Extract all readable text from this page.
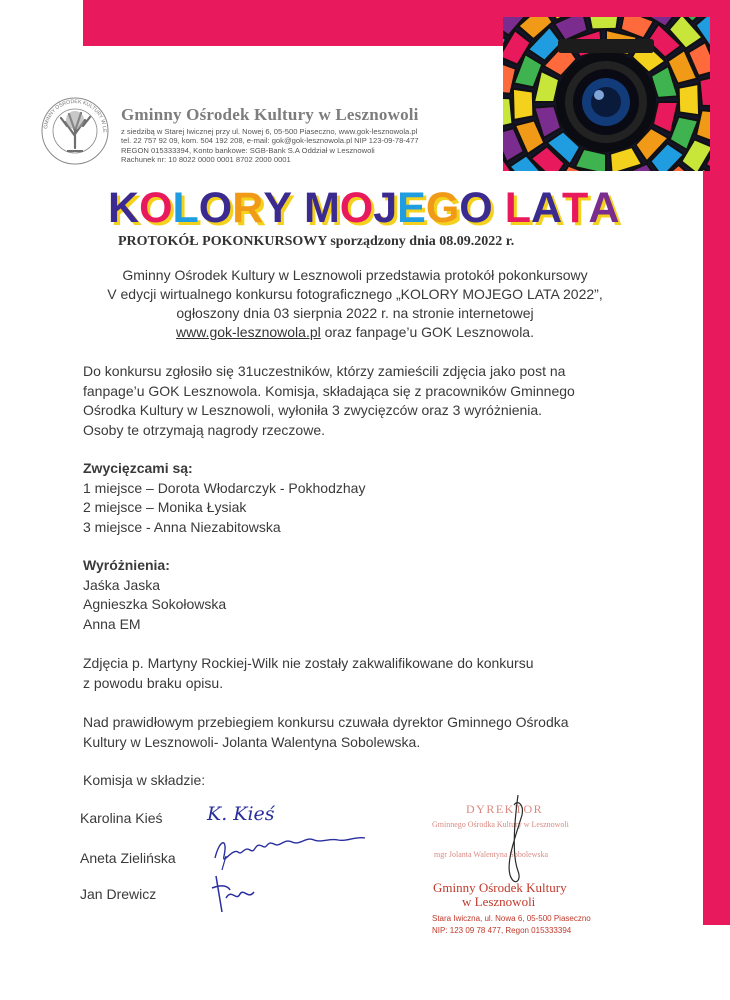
GMINNY OŚRODEK KULTURY W LE
Gminny Ośrodek Kultury w Lesznowoli
z siedzibą w Starej Iwicznej przy ul. Nowej 6, 05-500 Piaseczno, www.gok-lesznowola.pl
tel. 22 757 92 09, kom. 504 192 208, e-mail: gok@gok-lesznowola.pl NIP 123-09-78-477
REGON 015333394, Konto bankowe: SGB-Bank S.A Oddział w Lesznowoli
Rachunek nr: 10 8022 0000 0001 8702 2000 0001
KOLORY MOJEGO LATA
PROTOKÓŁ POKONKURSOWY sporządzony dnia 08.09.2022 r.
Gminny Ośrodek Kultury w Lesznowoli przedstawia protokół pokonkursowy
V edycji wirtualnego konkursu fotograficznego „KOLORY MOJEGO LATA 2022”,
ogłoszony dnia 03 sierpnia 2022 r. na stronie internetowej
www.gok-lesznowola.pl oraz fanpage’u GOK Lesznowola.
Do konkursu zgłosiło się 31uczestników, którzy zamieścili zdjęcia jako post na
fanpage’u GOK Lesznowola. Komisja, składająca się z pracowników Gminnego
Ośrodka Kultury w Lesznowoli, wyłoniła 3 zwycięzców oraz 3 wyróżnienia.
Osoby te otrzymają nagrody rzeczowe.
Zwycięzcami są:
1 miejsce – Dorota Włodarczyk - Pokhodzhay
2 miejsce – Monika Łysiak
3 miejsce - Anna Niezabitowska
Wyróżnienia:
Jaśka Jaska
Agnieszka Sokołowska
Anna EM
Zdjęcia p. Martyny Rockiej-Wilk nie zostały zakwalifikowane do konkursu
z powodu braku opisu.
Nad prawidłowym przebiegiem konkursu czuwała dyrektor Gminnego Ośrodka
Kultury w Lesznowoli- Jolanta Walentyna Sobolewska.
Komisja w składzie:
Karolina Kieś
Aneta Zielińska
Jan Drewicz
K. Kieś	DYREKTOR
Gminnego Ośrodka Kultury w Lesznowoli
mgr Jolanta Walentyna Sobolewska
Gminny Ośrodek Kultury
w Lesznowoli
Stara Iwiczna, ul. Nowa 6, 05-500 Piaseczno
NIP: 123 09 78 477, Regon 015333394
